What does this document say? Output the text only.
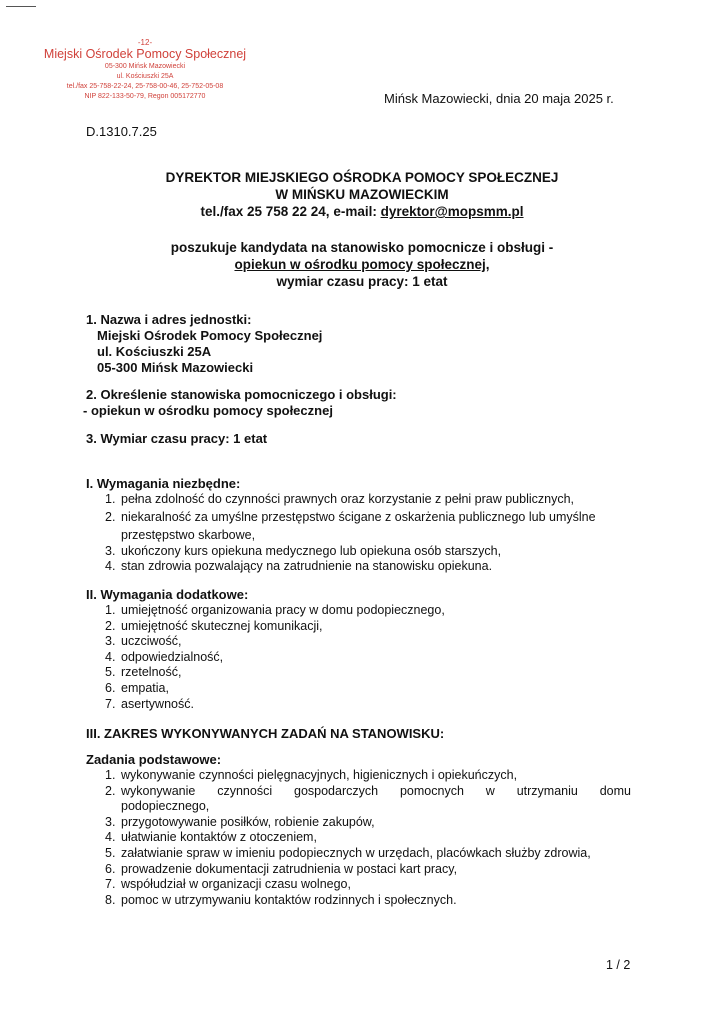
-12-
Miejski Ośrodek Pomocy Społecznej
05-300 Mińsk Mazowiecki
ul. Kościuszki 25A
tel./fax 25-758-22-24, 25-758-00-46, 25-752-05-08
NIP 822-133-50-79, Regon 005172770	Mińsk Mazowiecki, dnia 20 maja 2025 r.
D.1310.7.25
DYREKTOR MIEJSKIEGO OŚRODKA POMOCY SPOŁECZNEJ
W MIŃSKU MAZOWIECKIM
tel./fax 25 758 22 24, e-mail: dyrektor@mopsmm.pl
poszukuje kandydata na stanowisko pomocnicze i obsługi -
opiekun w ośrodku pomocy społecznej,
wymiar czasu pracy: 1 etat
1. Nazwa i adres jednostki:
Miejski Ośrodek Pomocy Społecznej
ul. Kościuszki 25A
05-300 Mińsk Mazowiecki
2. Określenie stanowiska pomocniczego i obsługi:
- opiekun w ośrodku pomocy społecznej
3. Wymiar czasu pracy: 1 etat
I. Wymagania niezbędne:
1. pełna zdolność do czynności prawnych oraz korzystanie z pełni praw publicznych,
2. niekaralność za umyślne przestępstwo ścigane z oskarżenia publicznego lub umyślne przestępstwo skarbowe,
3. ukończony kurs opiekuna medycznego lub opiekuna osób starszych,
4. stan zdrowia pozwalający na zatrudnienie na stanowisku opiekuna.
II. Wymagania dodatkowe:
1. umiejętność organizowania pracy w domu podopiecznego,
2. umiejętność skutecznej komunikacji,
3. uczciwość,
4. odpowiedzialność,
5. rzetelność,
6. empatia,
7. asertywność.
III. ZAKRES WYKONYWANYCH ZADAŃ NA STANOWISKU:
Zadania podstawowe:
1. wykonywanie czynności pielęgnacyjnych, higienicznych i opiekuńczych,
2. wykonywanie czynności gospodarczych pomocnych w utrzymaniu domu
podopiecznego,
3. przygotowywanie posiłków, robienie zakupów,
4. ułatwianie kontaktów z otoczeniem,
5. załatwianie spraw w imieniu podopiecznych w urzędach, placówkach służby zdrowia,
6. prowadzenie dokumentacji zatrudnienia w postaci kart pracy,
7. współudział w organizacji czasu wolnego,
8. pomoc w utrzymywaniu kontaktów rodzinnych i społecznych.
1 / 2
